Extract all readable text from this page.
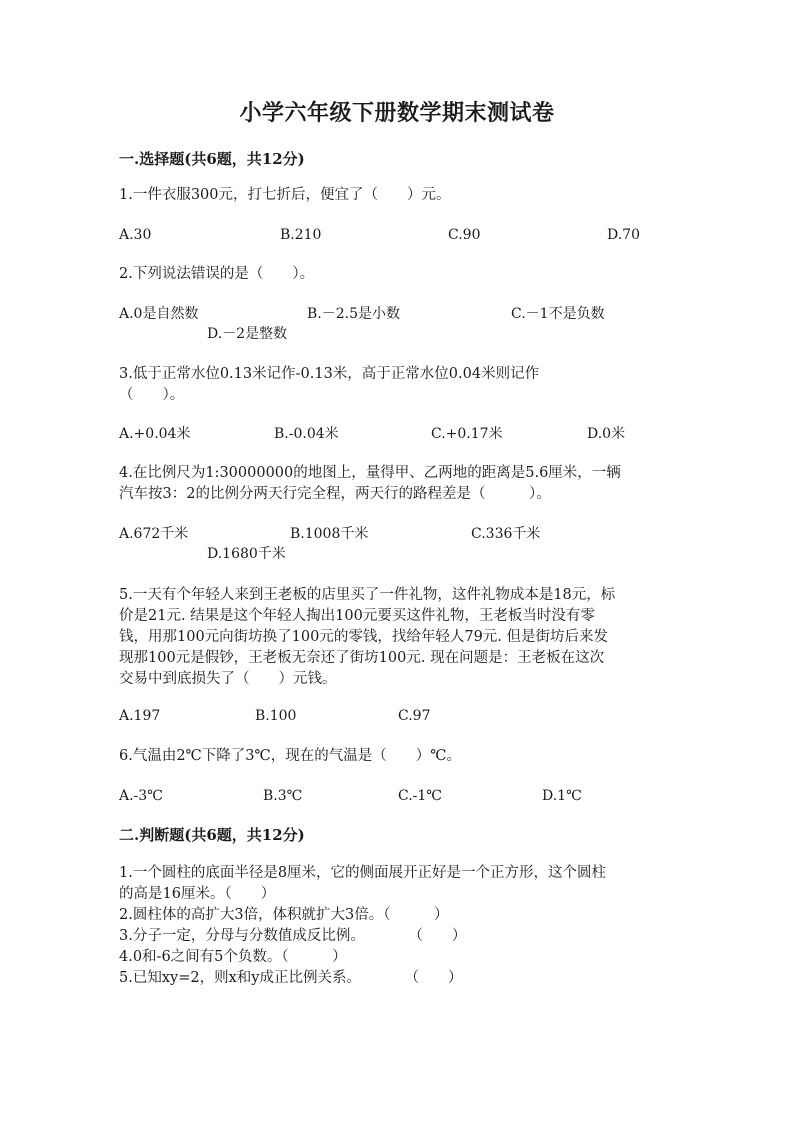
小学六年级下册数学期末测试卷
一.选择题(共6题，共12分)
1.一件衣服300元，打七折后，便宜了（　　）元。
A.30	B.210	C.90	D.70
2.下列说法错误的是（　　）。
A.0是自然数	B.－2.5是小数	C.－1不是负数
D.－2是整数
3.低于正常水位0.13米记作-0.13米，高于正常水位0.04米则记作
（　　）。
A.+0.04米	B.-0.04米	C.+0.17米	D.0米
4.在比例尺为1:30000000的地图上，量得甲、乙两地的距离是5.6厘米，一辆
汽车按3：2的比例分两天行完全程，两天行的路程差是（　　　）。
A.672千米	B.1008千米	C.336千米
D.1680千米
5.一天有个年轻人来到王老板的店里买了一件礼物，这件礼物成本是18元，标
价是21元. 结果是这个年轻人掏出100元要买这件礼物，王老板当时没有零
钱，用那100元向街坊换了100元的零钱，找给年轻人79元. 但是街坊后来发
现那100元是假钞，王老板无奈还了街坊100元. 现在问题是：王老板在这次
交易中到底损失了（　　）元钱。
A.197	B.100	C.97
6.气温由2℃下降了3℃，现在的气温是（　　）℃。
A.-3℃	B.3℃	C.-1℃	D.1℃
二.判断题(共6题，共12分)
1.一个圆柱的底面半径是8厘米，它的侧面展开正好是一个正方形，这个圆柱
的高是16厘米。（　　）
2.圆柱体的高扩大3倍，体积就扩大3倍。（　　　）
3.分子一定，分母与分数值成反比例。　　　　（　　）
4.0和-6之间有5个负数。（　　　）
5.已知xy=2，则x和y成正比例关系。　　　　（　　）
